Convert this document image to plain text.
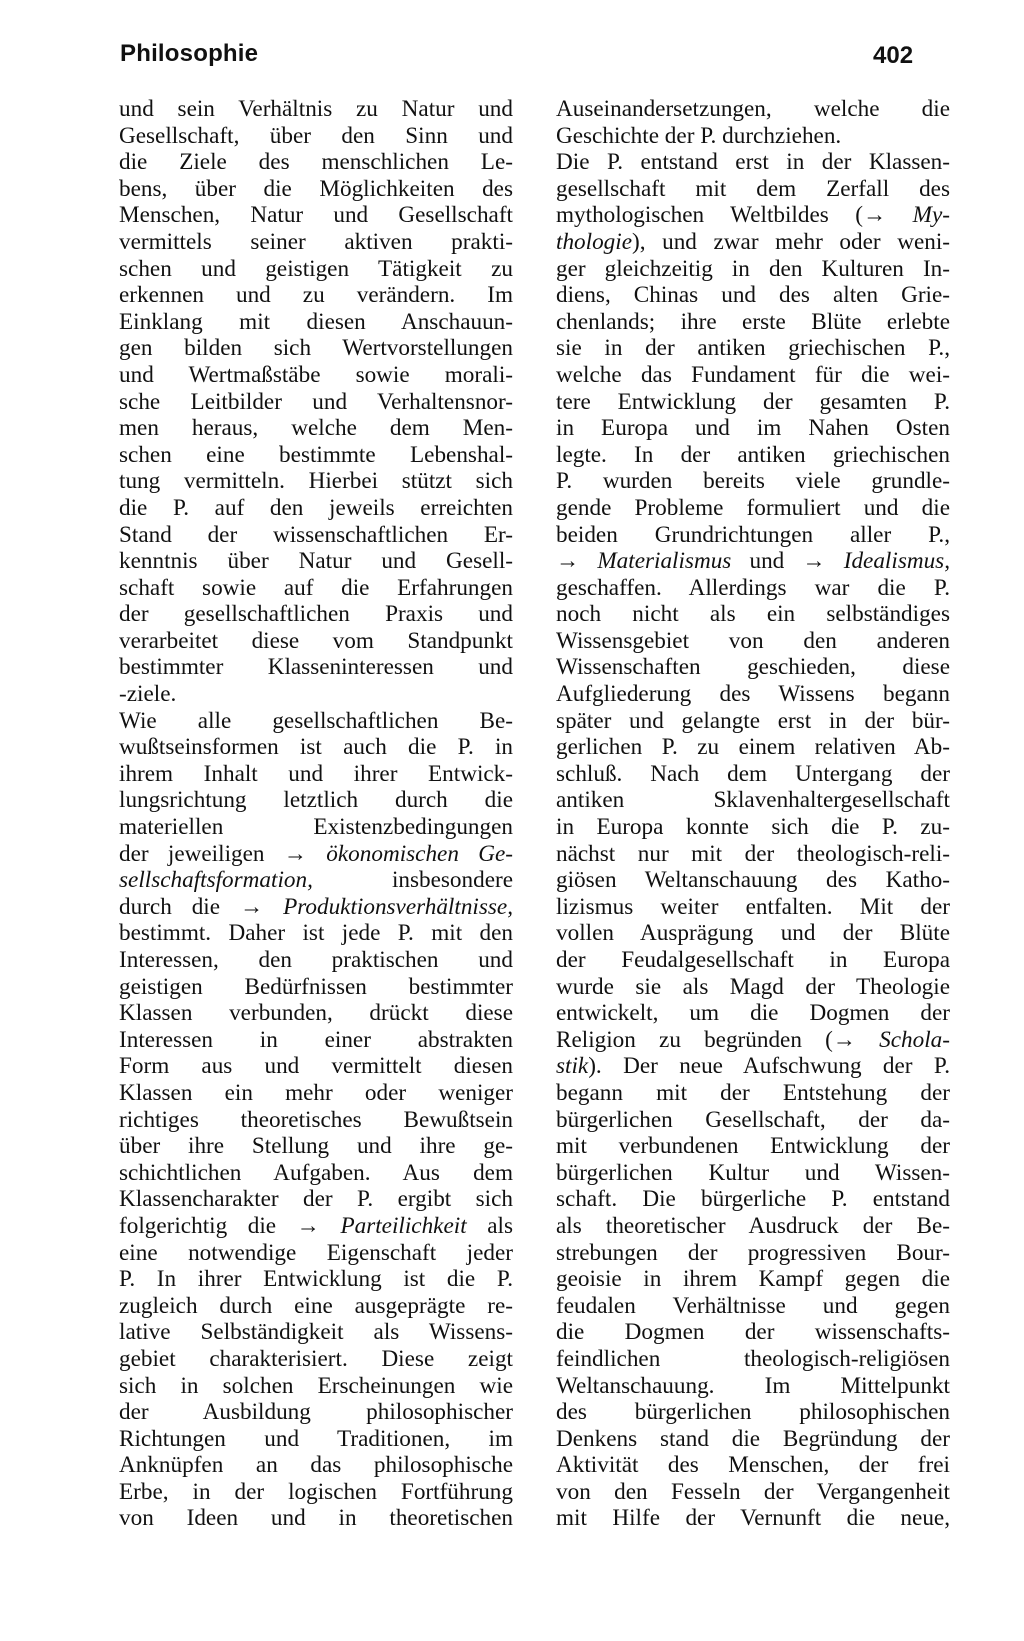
Philosophie	402
und sein Verhältnis zu Natur und
Gesellschaft, über den Sinn und
die Ziele des menschlichen Le-
bens, über die Möglichkeiten des
Menschen, Natur und Gesellschaft
vermittels seiner aktiven prakti-
schen und geistigen Tätigkeit zu
erkennen und zu verändern. Im
Einklang mit diesen Anschauun-
gen bilden sich Wertvorstellungen
und Wertmaßstäbe sowie morali-
sche Leitbilder und Verhaltensnor-
men heraus, welche dem Men-
schen eine bestimmte Lebenshal-
tung vermitteln. Hierbei stützt sich
die P. auf den jeweils erreichten
Stand der wissenschaftlichen Er-
kenntnis über Natur und Gesell-
schaft sowie auf die Erfahrungen
der gesellschaftlichen Praxis und
verarbeitet diese vom Standpunkt
bestimmter Klasseninteressen und
-ziele.
Wie alle gesellschaftlichen Be-
wußtseinsformen ist auch die P. in
ihrem Inhalt und ihrer Entwick-
lungsrichtung letztlich durch die
materiellen Existenzbedingungen
der jeweiligen → ökonomischen Ge-
sellschaftsformation, insbesondere
durch die → Produktionsverhältnisse,
bestimmt. Daher ist jede P. mit den
Interessen, den praktischen und
geistigen Bedürfnissen bestimmter
Klassen verbunden, drückt diese
Interessen in einer abstrakten
Form aus und vermittelt diesen
Klassen ein mehr oder weniger
richtiges theoretisches Bewußtsein
über ihre Stellung und ihre ge-
schichtlichen Aufgaben. Aus dem
Klassencharakter der P. ergibt sich
folgerichtig die → Parteilichkeit als
eine notwendige Eigenschaft jeder
P. In ihrer Entwicklung ist die P.
zugleich durch eine ausgeprägte re-
lative Selbständigkeit als Wissens-
gebiet charakterisiert. Diese zeigt
sich in solchen Erscheinungen wie
der Ausbildung philosophischer
Richtungen und Traditionen, im
Anknüpfen an das philosophische
Erbe, in der logischen Fortführung
von Ideen und in theoretischen
Auseinandersetzungen, welche die
Geschichte der P. durchziehen.
Die P. entstand erst in der Klassen-
gesellschaft mit dem Zerfall des
mythologischen Weltbildes (→ My-
thologie), und zwar mehr oder weni-
ger gleichzeitig in den Kulturen In-
diens, Chinas und des alten Grie-
chenlands; ihre erste Blüte erlebte
sie in der antiken griechischen P.,
welche das Fundament für die wei-
tere Entwicklung der gesamten P.
in Europa und im Nahen Osten
legte. In der antiken griechischen
P. wurden bereits viele grundle-
gende Probleme formuliert und die
beiden Grundrichtungen aller P.,
→ Materialismus und → Idealismus,
geschaffen. Allerdings war die P.
noch nicht als ein selbständiges
Wissensgebiet von den anderen
Wissenschaften geschieden, diese
Aufgliederung des Wissens begann
später und gelangte erst in der bür-
gerlichen P. zu einem relativen Ab-
schluß. Nach dem Untergang der
antiken Sklavenhaltergesellschaft
in Europa konnte sich die P. zu-
nächst nur mit der theologisch-reli-
giösen Weltanschauung des Katho-
lizismus weiter entfalten. Mit der
vollen Ausprägung und der Blüte
der Feudalgesellschaft in Europa
wurde sie als Magd der Theologie
entwickelt, um die Dogmen der
Religion zu begründen (→ Schola-
stik). Der neue Aufschwung der P.
begann mit der Entstehung der
bürgerlichen Gesellschaft, der da-
mit verbundenen Entwicklung der
bürgerlichen Kultur und Wissen-
schaft. Die bürgerliche P. entstand
als theoretischer Ausdruck der Be-
strebungen der progressiven Bour-
geoisie in ihrem Kampf gegen die
feudalen Verhältnisse und gegen
die Dogmen der wissenschafts-
feindlichen theologisch-religiösen
Weltanschauung. Im Mittelpunkt
des bürgerlichen philosophischen
Denkens stand die Begründung der
Aktivität des Menschen, der frei
von den Fesseln der Vergangenheit
mit Hilfe der Vernunft die neue,
